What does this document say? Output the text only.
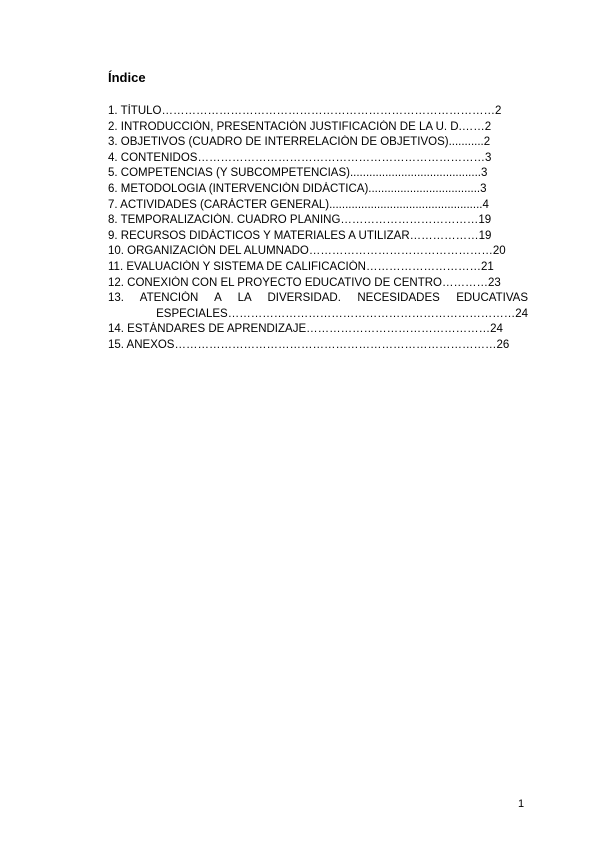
Índice
1. TÍTULO……………………………………………………………………………2
2. INTRODUCCIÓN, PRESENTACIÓN JUSTIFICACIÓN DE LA U. D.……2
3. OBJETIVOS (CUADRO DE INTERRELACIÓN DE OBJETIVOS)...........2
4. CONTENIDOS…………………………………………………………………3
5. COMPETENCIAS (Y SUBCOMPETENCIAS).........................................3
6. METODOLOGIA (INTERVENCIÓN DIDÁCTICA)...................................3
7. ACTIVIDADES (CARÁCTER GENERAL)................................................4
8. TEMPORALIZACIÓN. CUADRO PLANING………………………………19
9. RECURSOS DIDÁCTICOS Y MATERIALES A UTILIZAR………………19
10. ORGANIZACIÓN DEL ALUMNADO…………………………………………20
11. EVALUACIÓN Y SISTEMA DE CALIFICACIÓN…………………………21
12. CONEXIÓN CON EL PROYECTO EDUCATIVO DE CENTRO…………23
13. ATENCIÓN A LA DIVERSIDAD. NECESIDADES EDUCATIVAS ESPECIALES…………………………………………………………………24
14. ESTÁNDARES DE APRENDIZAJE…………………………………………24
15. ANEXOS…………………………………………………………………………26
1
